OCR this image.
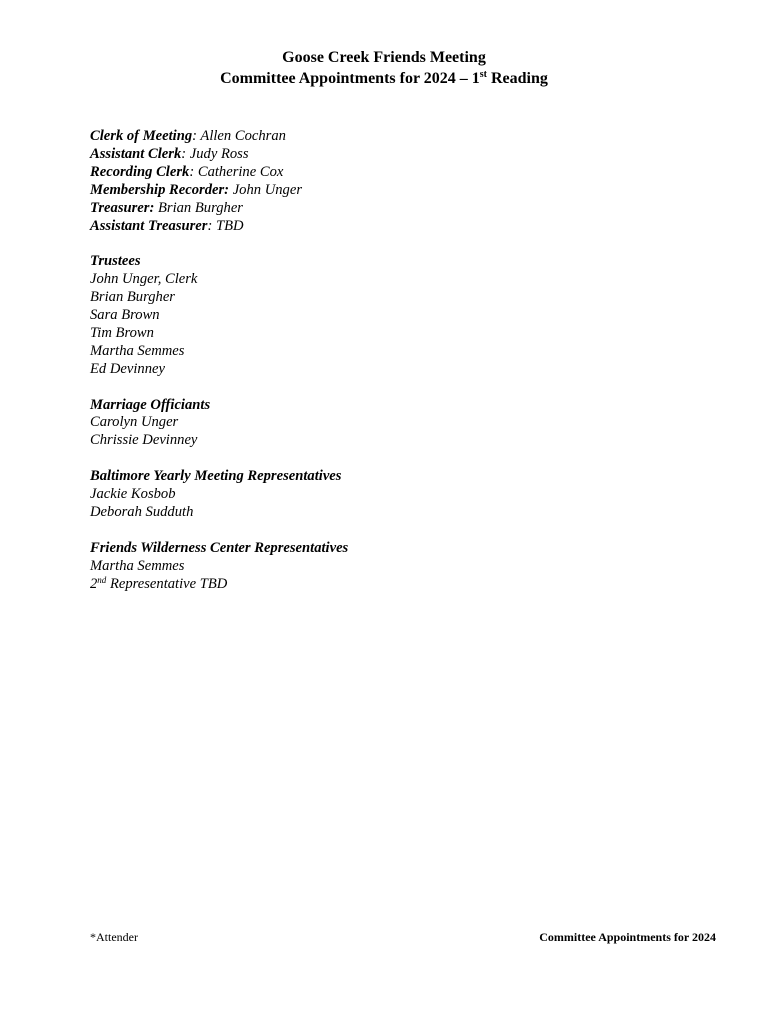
Goose Creek Friends Meeting
Committee Appointments for 2024 – 1st Reading
Clerk of Meeting: Allen Cochran
Assistant Clerk: Judy Ross
Recording Clerk: Catherine Cox
Membership Recorder: John Unger
Treasurer: Brian Burgher
Assistant Treasurer: TBD
Trustees
John Unger, Clerk
Brian Burgher
Sara Brown
Tim Brown
Martha Semmes
Ed Devinney
Marriage Officiants
Carolyn Unger
Chrissie Devinney
Baltimore Yearly Meeting Representatives
Jackie Kosbob
Deborah Sudduth
Friends Wilderness Center Representatives
Martha Semmes
2nd Representative TBD
*Attender	Committee Appointments for 2024
